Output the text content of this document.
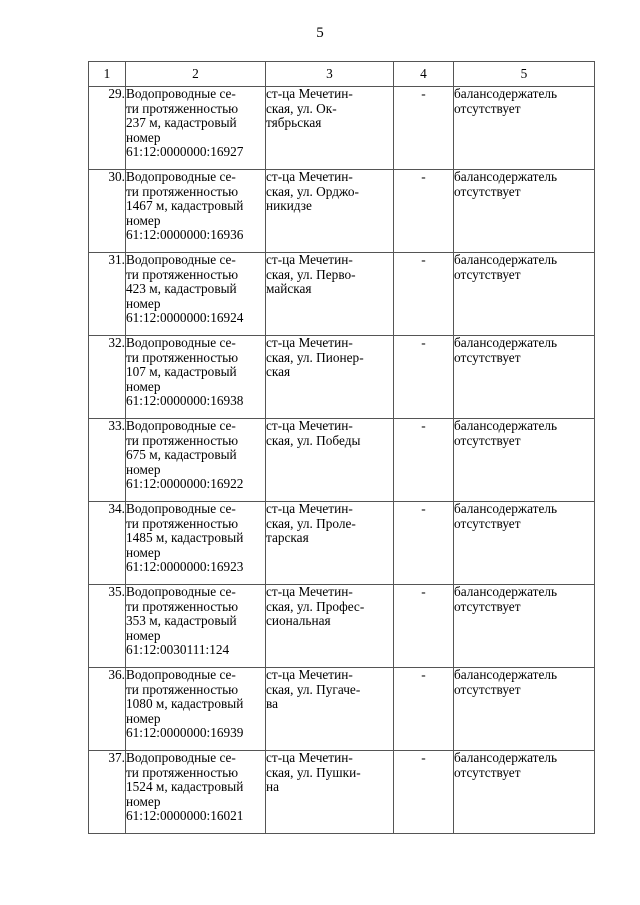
5
1	2	3	4	5
29.	Водопроводные се-
ти протяженностью
237 м, кадастровый
номер
61:12:0000000:16927	ст-ца Мечетин-
ская, ул. Ок-
тябрьская	-	балансодержатель
отсутствует

30.	Водопроводные се-
ти протяженностью
1467 м, кадастровый
номер
61:12:0000000:16936	ст-ца Мечетин-
ская, ул. Орджо-
никидзе	-	балансодержатель
отсутствует

31.	Водопроводные се-
ти протяженностью
423 м, кадастровый
номер
61:12:0000000:16924	ст-ца Мечетин-
ская, ул. Перво-
майская	-	балансодержатель
отсутствует

32.	Водопроводные се-
ти протяженностью
107 м, кадастровый
номер
61:12:0000000:16938	ст-ца Мечетин-
ская, ул. Пионер-
ская	-	балансодержатель
отсутствует

33.	Водопроводные се-
ти протяженностью
675 м, кадастровый
номер
61:12:0000000:16922	ст-ца Мечетин-
ская, ул. Победы	-	балансодержатель
отсутствует

34.	Водопроводные се-
ти протяженностью
1485 м, кадастровый
номер
61:12:0000000:16923	ст-ца Мечетин-
ская, ул. Проле-
тарская	-	балансодержатель
отсутствует

35.	Водопроводные се-
ти протяженностью
353 м, кадастровый
номер
61:12:0030111:124	ст-ца Мечетин-
ская, ул. Профес-
сиональная	-	балансодержатель
отсутствует

36.	Водопроводные се-
ти протяженностью
1080 м, кадастровый
номер
61:12:0000000:16939	ст-ца Мечетин-
ская, ул. Пугаче-
ва	-	балансодержатель
отсутствует

37.	Водопроводные се-
ти протяженностью
1524 м, кадастровый
номер
61:12:0000000:16021	ст-ца Мечетин-
ская, ул. Пушки-
на	-	балансодержатель
отсутствует
